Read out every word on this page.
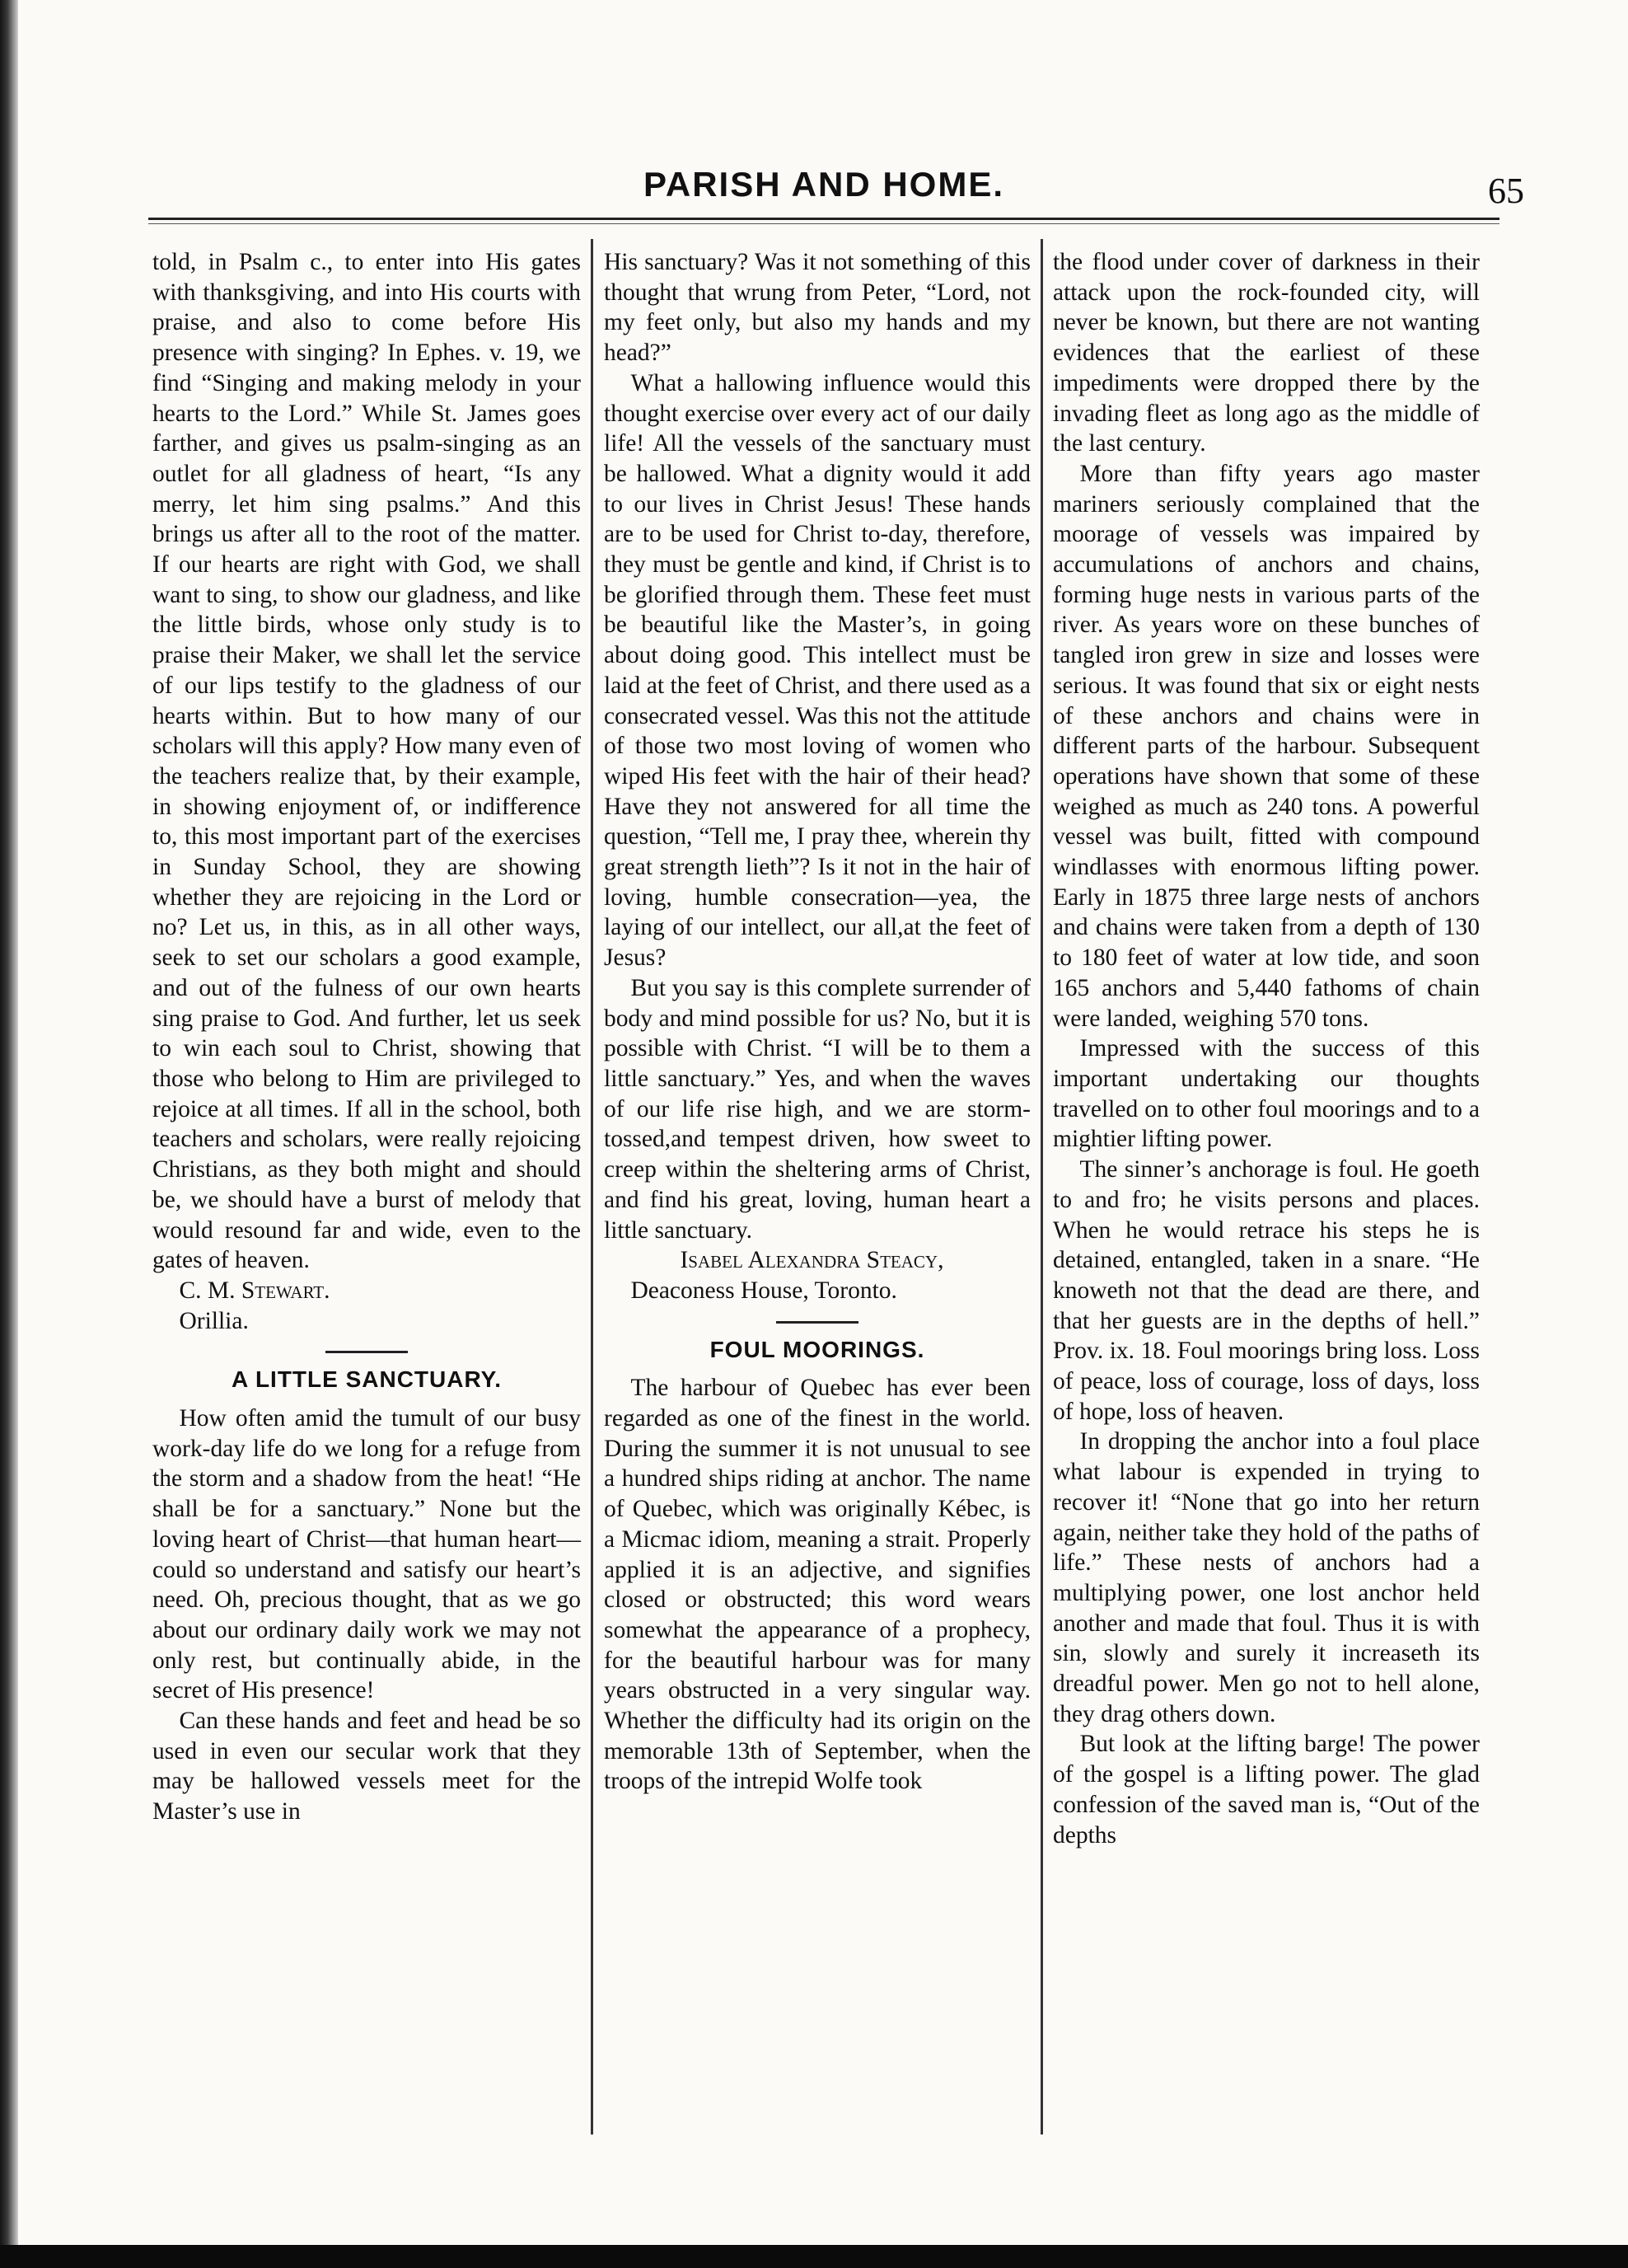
PARISH AND HOME.	65

told, in Psalm c., to enter into His gates with thanksgiving, and into His courts with praise, and also to come before His presence with singing? In Ephes. v. 19, we find “Singing and making melody in your hearts to the Lord.” While St. James goes farther, and gives us psalm-singing as an outlet for all gladness of heart, “Is any merry, let him sing psalms.” And this brings us after all to the root of the matter. If our hearts are right with God, we shall want to sing, to show our gladness, and like the little birds, whose only study is to praise their Maker, we shall let the service of our lips testify to the gladness of our hearts within. But to how many of our scholars will this apply? How many even of the teachers realize that, by their example, in showing enjoyment of, or indifference to, this most important part of the exercises in Sunday School, they are showing whether they are rejoicing in the Lord or no? Let us, in this, as in all other ways, seek to set our scholars a good example, and out of the fulness of our own hearts sing praise to God. And further, let us seek to win each soul to Christ, showing that those who belong to Him are privileged to rejoice at all times. If all in the school, both teachers and scholars, were really rejoicing Christians, as they both might and should be, we should have a burst of melody that would resound far and wide, even to the gates of heaven.

C. M. Stewart.

Orillia.

A LITTLE SANCTUARY.

How often amid the tumult of our busy work-day life do we long for a refuge from the storm and a shadow from the heat! “He shall be for a sanctuary.” None but the loving heart of Christ—that human heart—could so understand and satisfy our heart’s need. Oh, precious thought, that as we go about our ordinary daily work we may not only rest, but continually abide, in the secret of His presence!

Can these hands and feet and head be so used in even our secular work that they may be hallowed vessels meet for the Master’s use in

His sanctuary? Was it not something of this thought that wrung from Peter, “Lord, not my feet only, but also my hands and my head?”

What a hallowing influence would this thought exercise over every act of our daily life! All the vessels of the sanctuary must be hallowed. What a dignity would it add to our lives in Christ Jesus! These hands are to be used for Christ to-day, therefore, they must be gentle and kind, if Christ is to be glorified through them. These feet must be beautiful like the Master’s, in going about doing good. This intellect must be laid at the feet of Christ, and there used as a consecrated vessel. Was this not the attitude of those two most loving of women who wiped His feet with the hair of their head? Have they not answered for all time the question, “Tell me, I pray thee, wherein thy great strength lieth”? Is it not in the hair of loving, humble consecration—yea, the laying of our intellect, our all,at the feet of Jesus?

But you say is this complete surrender of body and mind possible for us? No, but it is possible with Christ. “I will be to them a little sanctuary.” Yes, and when the waves of our life rise high, and we are storm-tossed,and tempest driven, how sweet to creep within the sheltering arms of Christ, and find his great, loving, human heart a little sanctuary.

Isabel Alexandra Steacy,

Deaconess House, Toronto.

FOUL MOORINGS.

The harbour of Quebec has ever been regarded as one of the finest in the world. During the summer it is not unusual to see a hundred ships riding at anchor. The name of Quebec, which was originally Kébec, is a Micmac idiom, meaning a strait. Properly applied it is an adjective, and signifies closed or obstructed; this word wears somewhat the appearance of a prophecy, for the beautiful harbour was for many years obstructed in a very singular way. Whether the difficulty had its origin on the memorable 13th of September, when the troops of the intrepid Wolfe took

the flood under cover of darkness in their attack upon the rock-founded city, will never be known, but there are not wanting evidences that the earliest of these impediments were dropped there by the invading fleet as long ago as the middle of the last century.

More than fifty years ago master mariners seriously complained that the moorage of vessels was impaired by accumulations of anchors and chains, forming huge nests in various parts of the river. As years wore on these bunches of tangled iron grew in size and losses were serious. It was found that six or eight nests of these anchors and chains were in different parts of the harbour. Subsequent operations have shown that some of these weighed as much as 240 tons. A powerful vessel was built, fitted with compound windlasses with enormous lifting power. Early in 1875 three large nests of anchors and chains were taken from a depth of 130 to 180 feet of water at low tide, and soon 165 anchors and 5,440 fathoms of chain were landed, weighing 570 tons.

Impressed with the success of this important undertaking our thoughts travelled on to other foul moorings and to a mightier lifting power.

The sinner’s anchorage is foul. He goeth to and fro; he visits persons and places. When he would retrace his steps he is detained, entangled, taken in a snare. “He knoweth not that the dead are there, and that her guests are in the depths of hell.” Prov. ix. 18. Foul moorings bring loss. Loss of peace, loss of courage, loss of days, loss of hope, loss of heaven.

In dropping the anchor into a foul place what labour is expended in trying to recover it! “None that go into her return again, neither take they hold of the paths of life.” These nests of anchors had a multiplying power, one lost anchor held another and made that foul. Thus it is with sin, slowly and surely it increaseth its dreadful power. Men go not to hell alone, they drag others down.

But look at the lifting barge! The power of the gospel is a lifting power. The glad confession of the saved man is, “Out of the depths
